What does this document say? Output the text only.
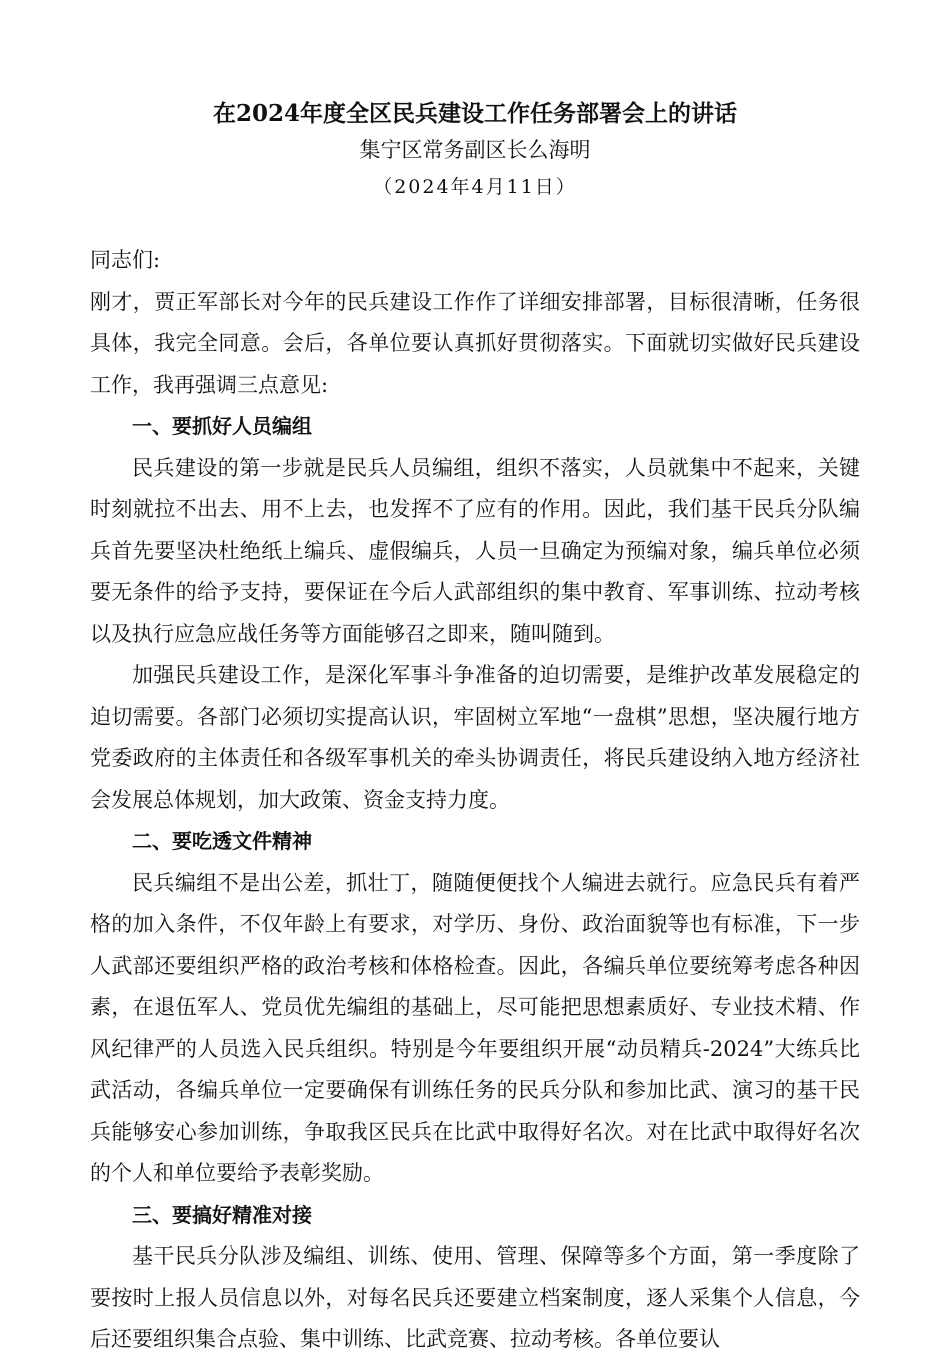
在2024年度全区民兵建设工作任务部署会上的讲话
集宁区常务副区长么海明
（2024年4月11日）

同志们:

刚才，贾正军部长对今年的民兵建设工作作了详细安排部署，目标很清晰，任务很具体，我完全同意。会后，各单位要认真抓好贯彻落实。下面就切实做好民兵建设工作，我再强调三点意见:

一、要抓好人员编组

民兵建设的第一步就是民兵人员编组，组织不落实，人员就集中不起来，关键时刻就拉不出去、用不上去，也发挥不了应有的作用。因此，我们基干民兵分队编兵首先要坚决杜绝纸上编兵、虚假编兵，人员一旦确定为预编对象，编兵单位必须要无条件的给予支持，要保证在今后人武部组织的集中教育、军事训练、拉动考核以及执行应急应战任务等方面能够召之即来，随叫随到。

加强民兵建设工作，是深化军事斗争准备的迫切需要，是维护改革发展稳定的迫切需要。各部门必须切实提高认识，牢固树立军地“一盘棋”思想，坚决履行地方党委政府的主体责任和各级军事机关的牵头协调责任，将民兵建设纳入地方经济社会发展总体规划，加大政策、资金支持力度。

二、要吃透文件精神

民兵编组不是出公差，抓壮丁，随随便便找个人编进去就行。应急民兵有着严格的加入条件，不仅年龄上有要求，对学历、身份、政治面貌等也有标准，下一步人武部还要组织严格的政治考核和体格检查。因此，各编兵单位要统筹考虑各种因素，在退伍军人、党员优先编组的基础上，尽可能把思想素质好、专业技术精、作风纪律严的人员选入民兵组织。特别是今年要组织开展“动员精兵-2024”大练兵比武活动，各编兵单位一定要确保有训练任务的民兵分队和参加比武、演习的基干民兵能够安心参加训练，争取我区民兵在比武中取得好名次。对在比武中取得好名次的个人和单位要给予表彰奖励。

三、要搞好精准对接

基干民兵分队涉及编组、训练、使用、管理、保障等多个方面，第一季度除了要按时上报人员信息以外，对每名民兵还要建立档案制度，逐人采集个人信息，今后还要组织集合点验、集中训练、比武竞赛、拉动考核。各单位要认
